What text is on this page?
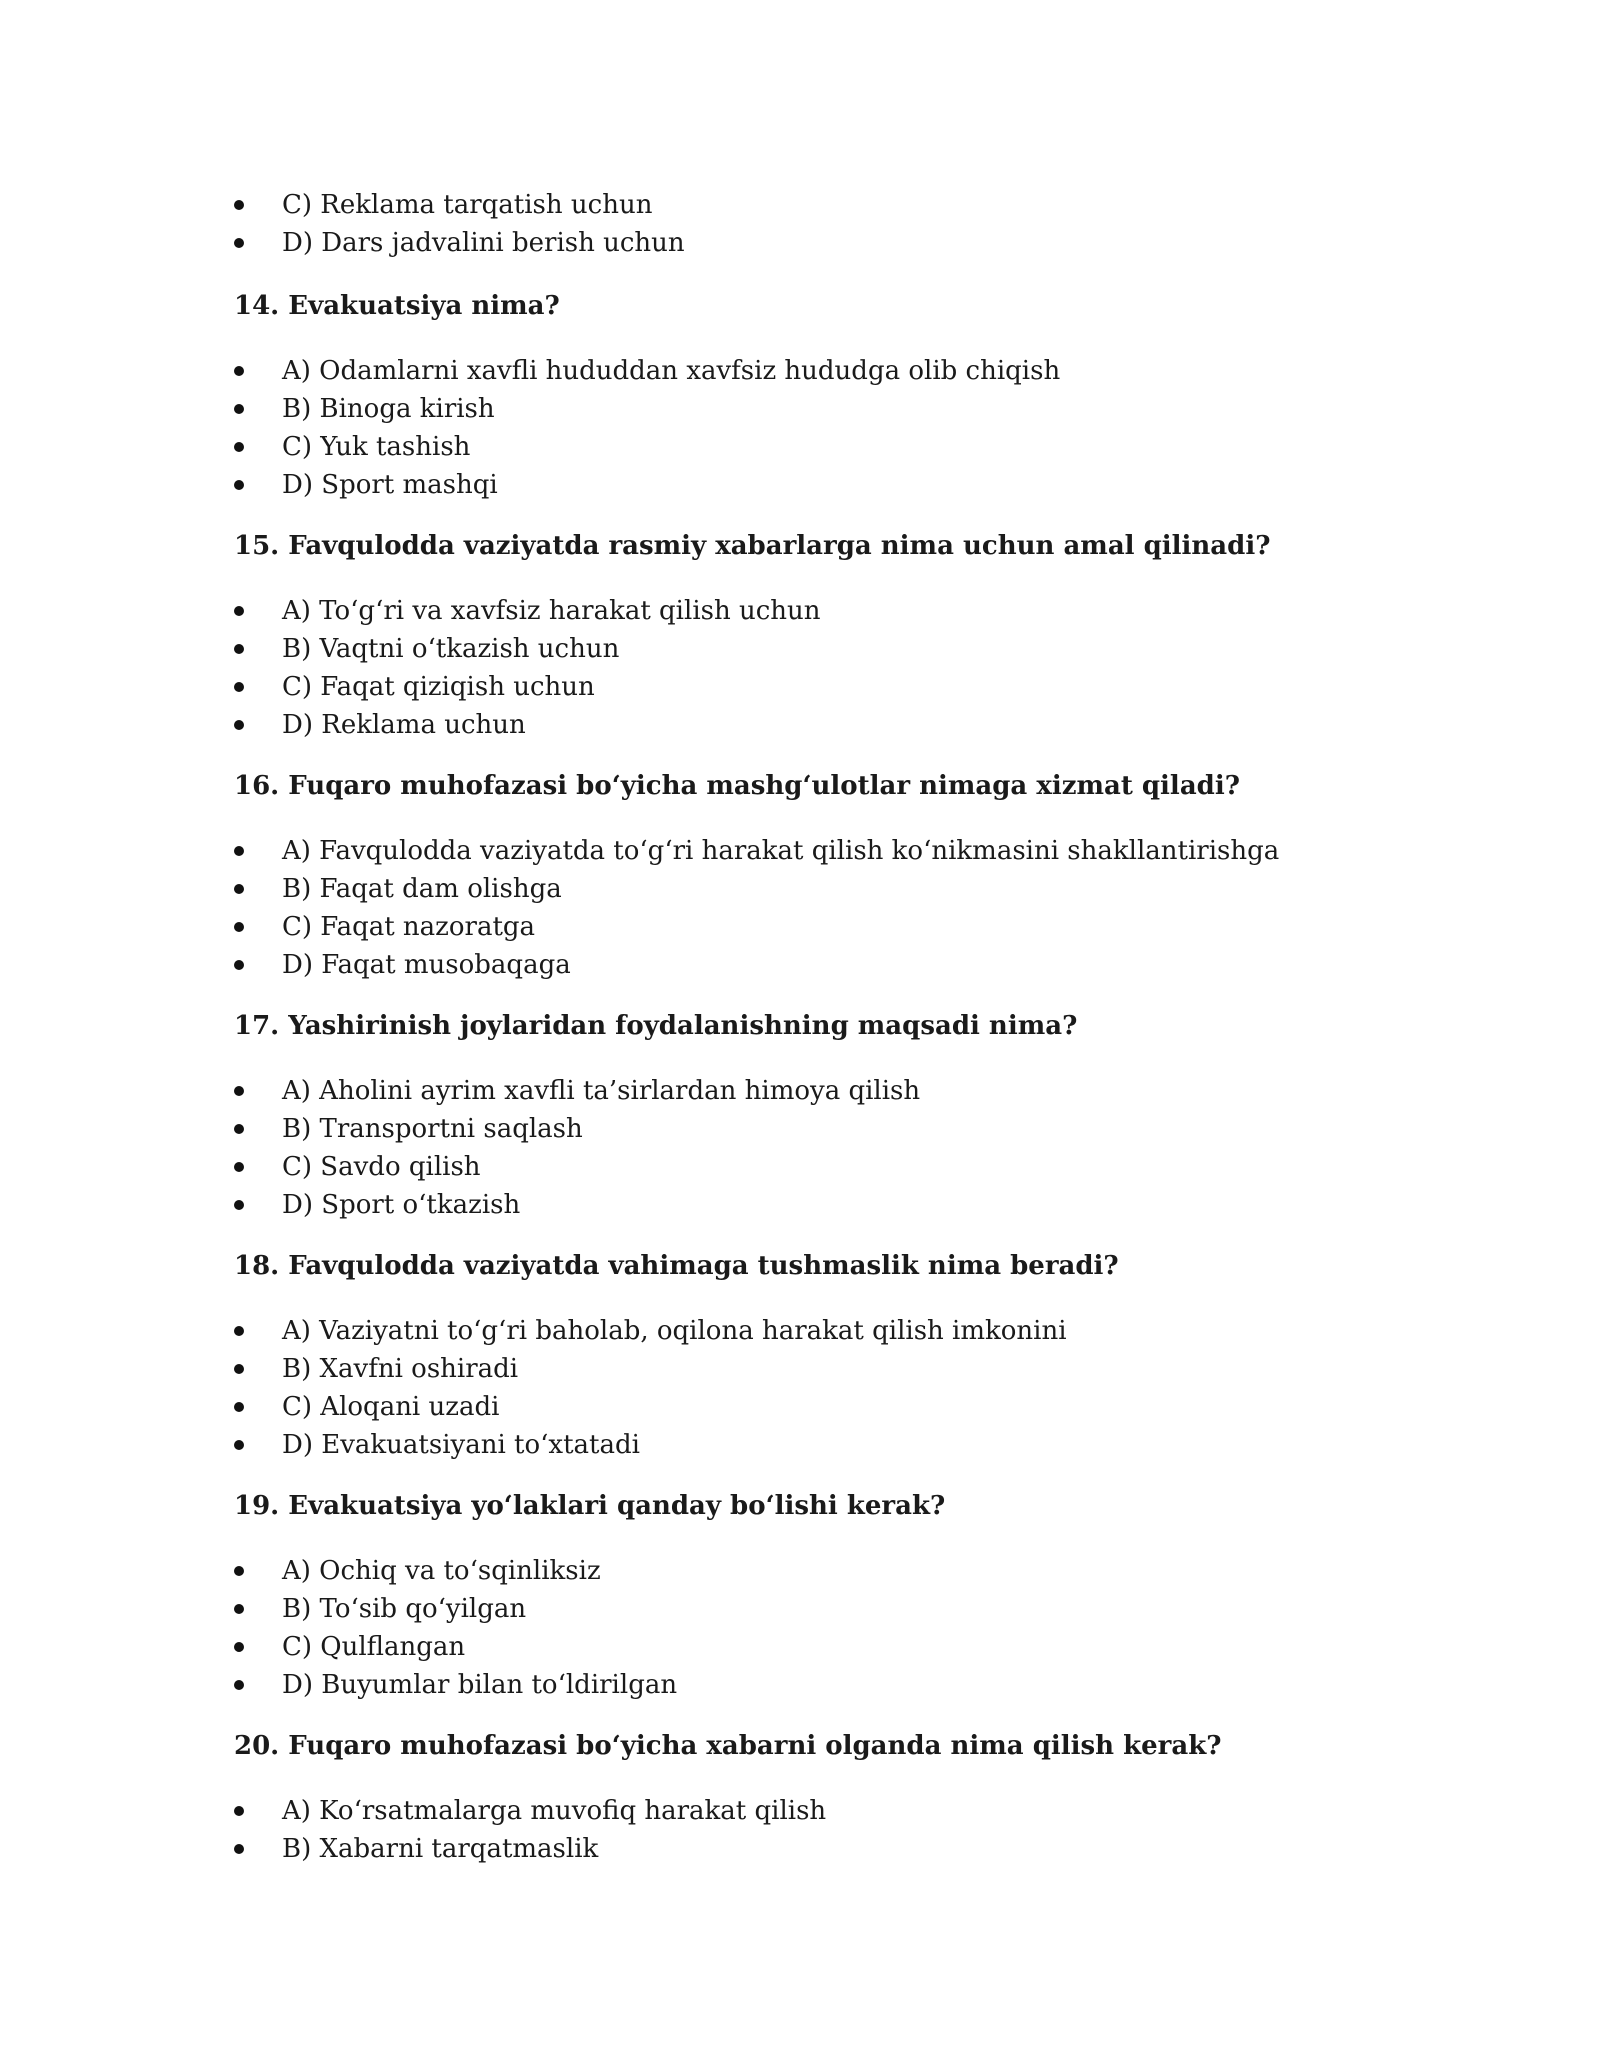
C) Reklama tarqatish uchun
D) Dars jadvalini berish uchun
14. Evakuatsiya nima?
A) Odamlarni xavfli hududdan xavfsiz hududga olib chiqish
B) Binoga kirish
C) Yuk tashish
D) Sport mashqi
15. Favqulodda vaziyatda rasmiy xabarlarga nima uchun amal qilinadi?
A) To‘g‘ri va xavfsiz harakat qilish uchun
B) Vaqtni o‘tkazish uchun
C) Faqat qiziqish uchun
D) Reklama uchun
16. Fuqaro muhofazasi bo‘yicha mashg‘ulotlar nimaga xizmat qiladi?
A) Favqulodda vaziyatda to‘g‘ri harakat qilish ko‘nikmasini shakllantirishga
B) Faqat dam olishga
C) Faqat nazoratga
D) Faqat musobaqaga
17. Yashirinish joylaridan foydalanishning maqsadi nima?
A) Aholini ayrim xavfli ta’sirlardan himoya qilish
B) Transportni saqlash
C) Savdo qilish
D) Sport o‘tkazish
18. Favqulodda vaziyatda vahimaga tushmaslik nima beradi?
A) Vaziyatni to‘g‘ri baholab, oqilona harakat qilish imkonini
B) Xavfni oshiradi
C) Aloqani uzadi
D) Evakuatsiyani to‘xtatadi
19. Evakuatsiya yo‘laklari qanday bo‘lishi kerak?
A) Ochiq va to‘sqinliksiz
B) To‘sib qo‘yilgan
C) Qulflangan
D) Buyumlar bilan to‘ldirilgan
20. Fuqaro muhofazasi bo‘yicha xabarni olganda nima qilish kerak?
A) Ko‘rsatmalarga muvofiq harakat qilish
B) Xabarni tarqatmaslik
